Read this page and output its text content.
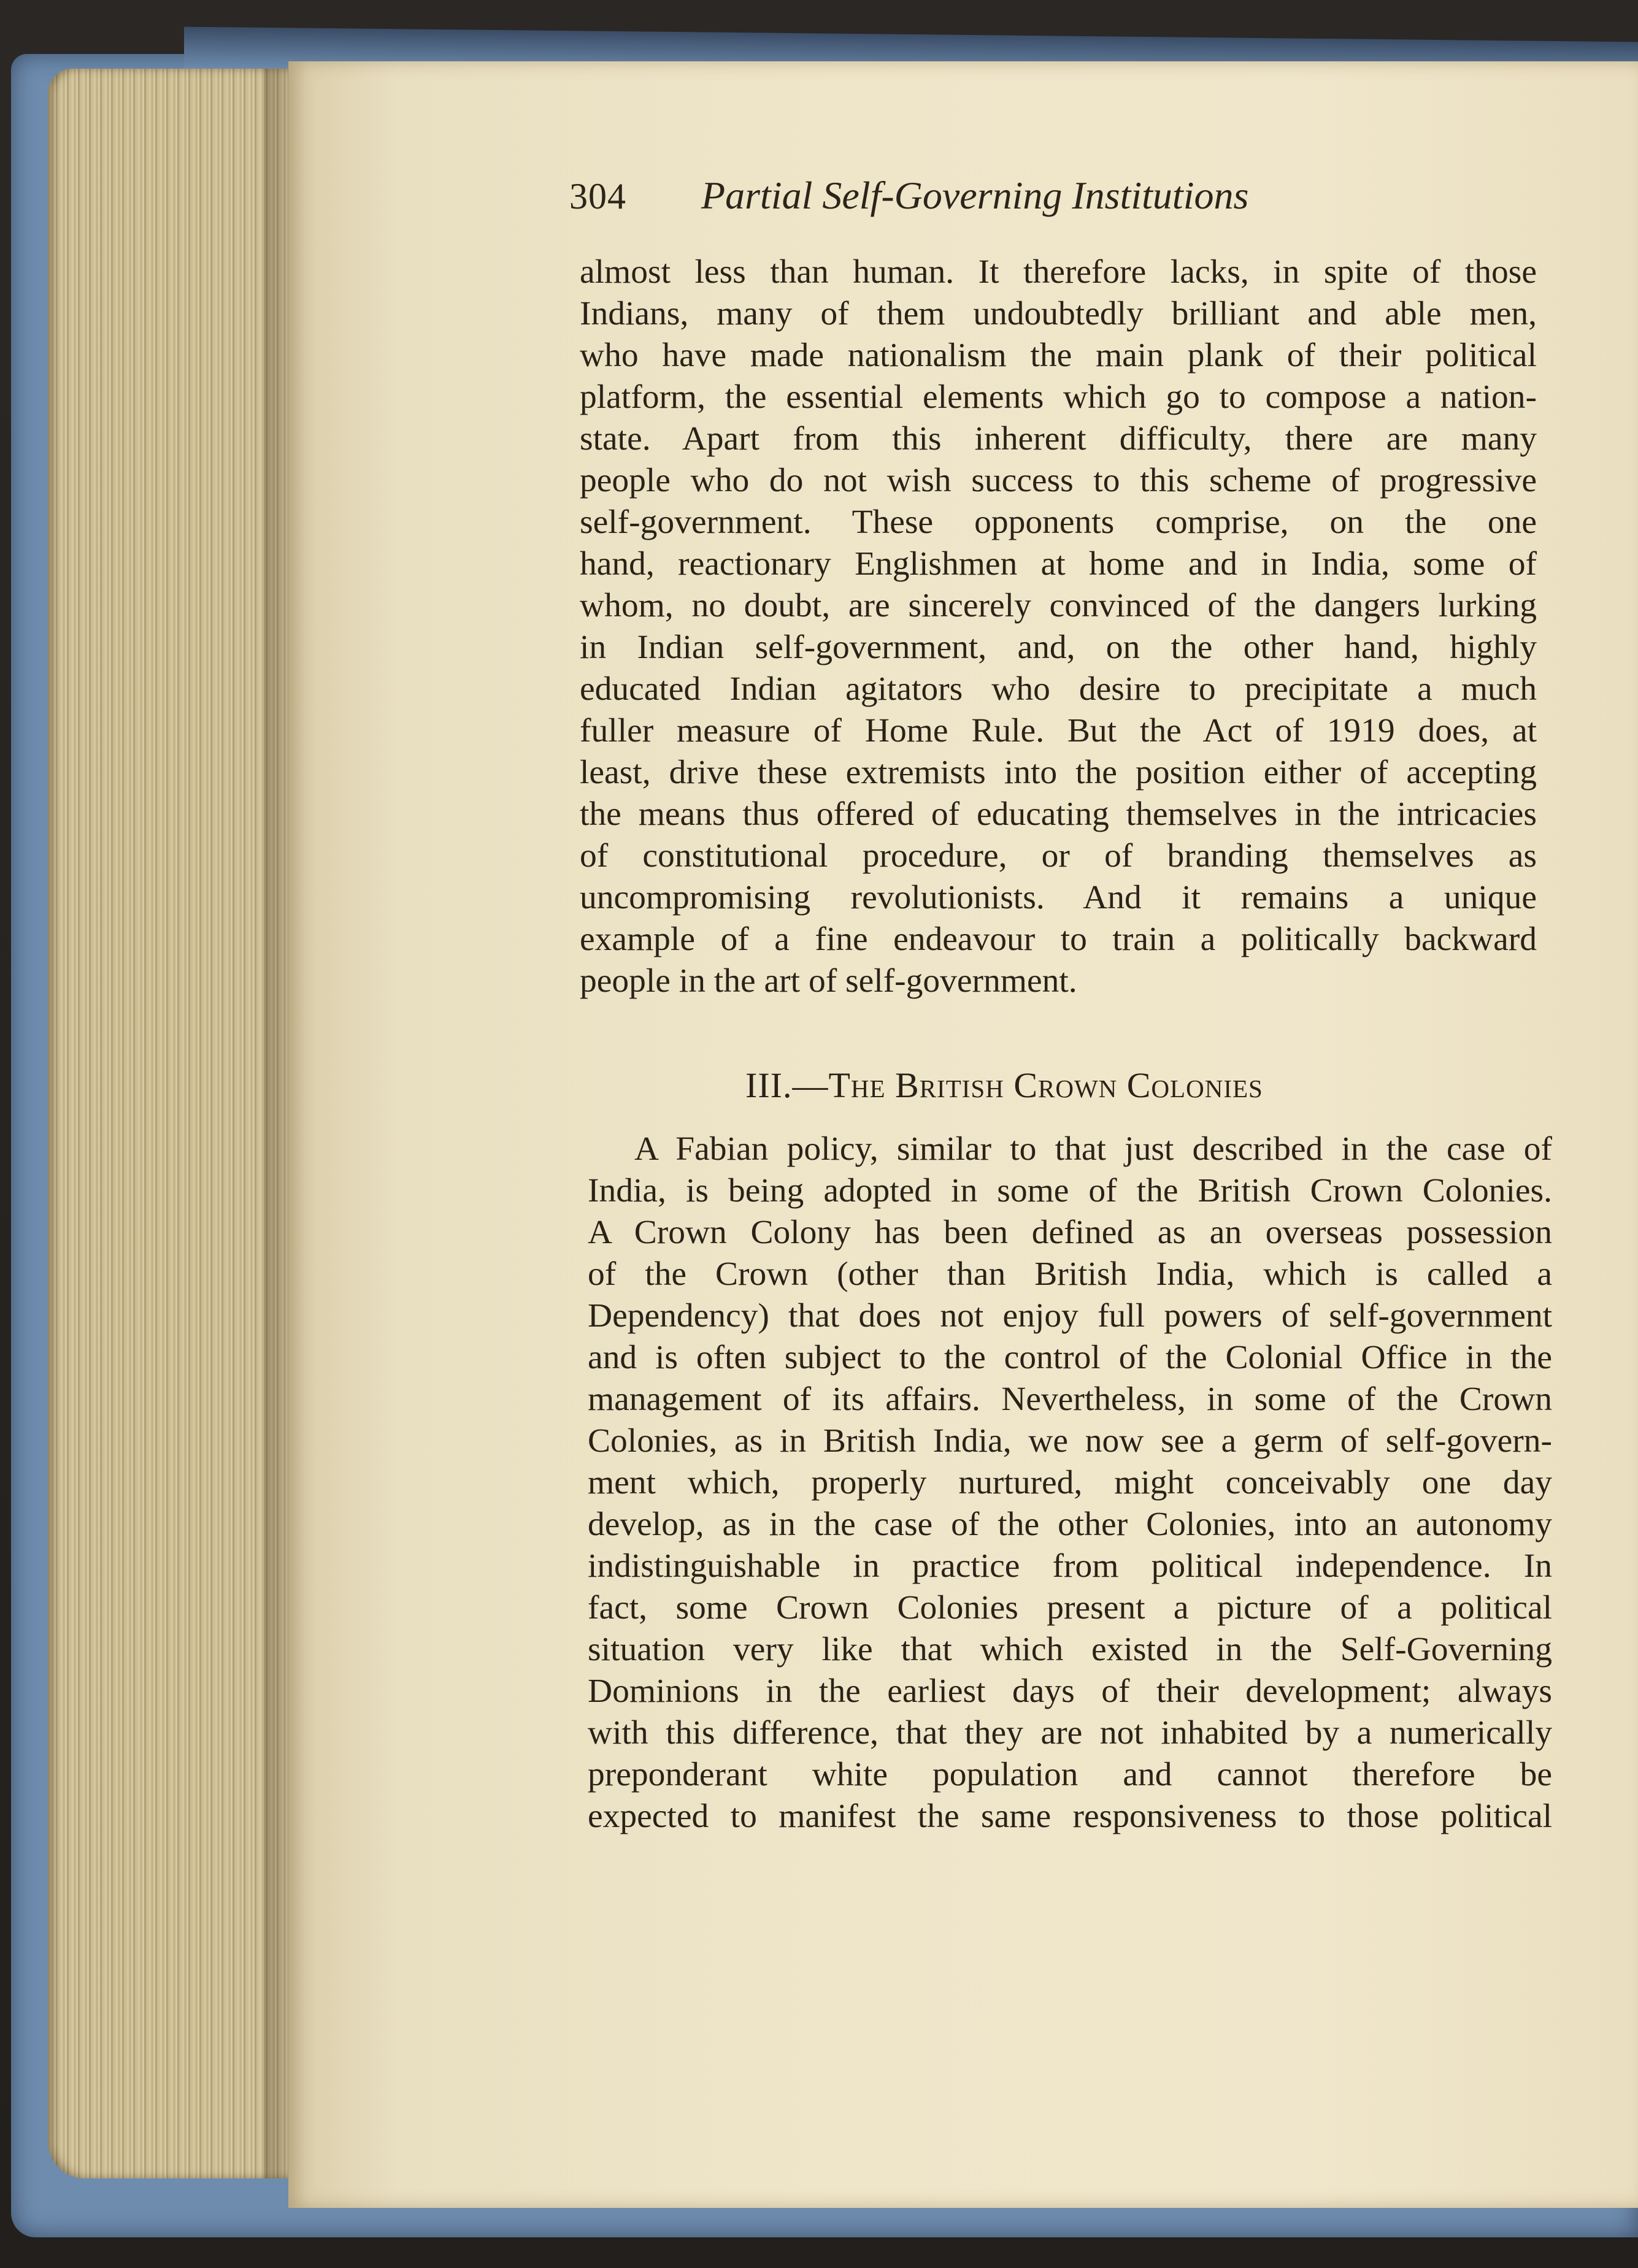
304 Partial Self-Governing Institutions
almost less than human. It therefore lacks, in spite of those
Indians, many of them undoubtedly brilliant and able men,
who have made nationalism the main plank of their political
platform, the essential elements which go to compose a nation-
state. Apart from this inherent difficulty, there are many
people who do not wish success to this scheme of progressive
self-government. These opponents comprise, on the one
hand, reactionary Englishmen at home and in India, some of
whom, no doubt, are sincerely convinced of the dangers lurking
in Indian self-government, and, on the other hand, highly
educated Indian agitators who desire to precipitate a much
fuller measure of Home Rule. But the Act of 1919 does, at
least, drive these extremists into the position either of accepting
the means thus offered of educating themselves in the intricacies
of constitutional procedure, or of branding themselves as
uncompromising revolutionists. And it remains a unique
example of a fine endeavour to train a politically backward
people in the art of self-government.
III.—The British Crown Colonies
A Fabian policy, similar to that just described in the case of
India, is being adopted in some of the British Crown Colonies.
A Crown Colony has been defined as an overseas possession
of the Crown (other than British India, which is called a
Dependency) that does not enjoy full powers of self-government
and is often subject to the control of the Colonial Office in the
management of its affairs. Nevertheless, in some of the Crown
Colonies, as in British India, we now see a germ of self-govern-
ment which, properly nurtured, might conceivably one day
develop, as in the case of the other Colonies, into an autonomy
indistinguishable in practice from political independence. In
fact, some Crown Colonies present a picture of a political
situation very like that which existed in the Self-Governing
Dominions in the earliest days of their development; always
with this difference, that they are not inhabited by a numerically
preponderant white population and cannot therefore be
expected to manifest the same responsiveness to those political
